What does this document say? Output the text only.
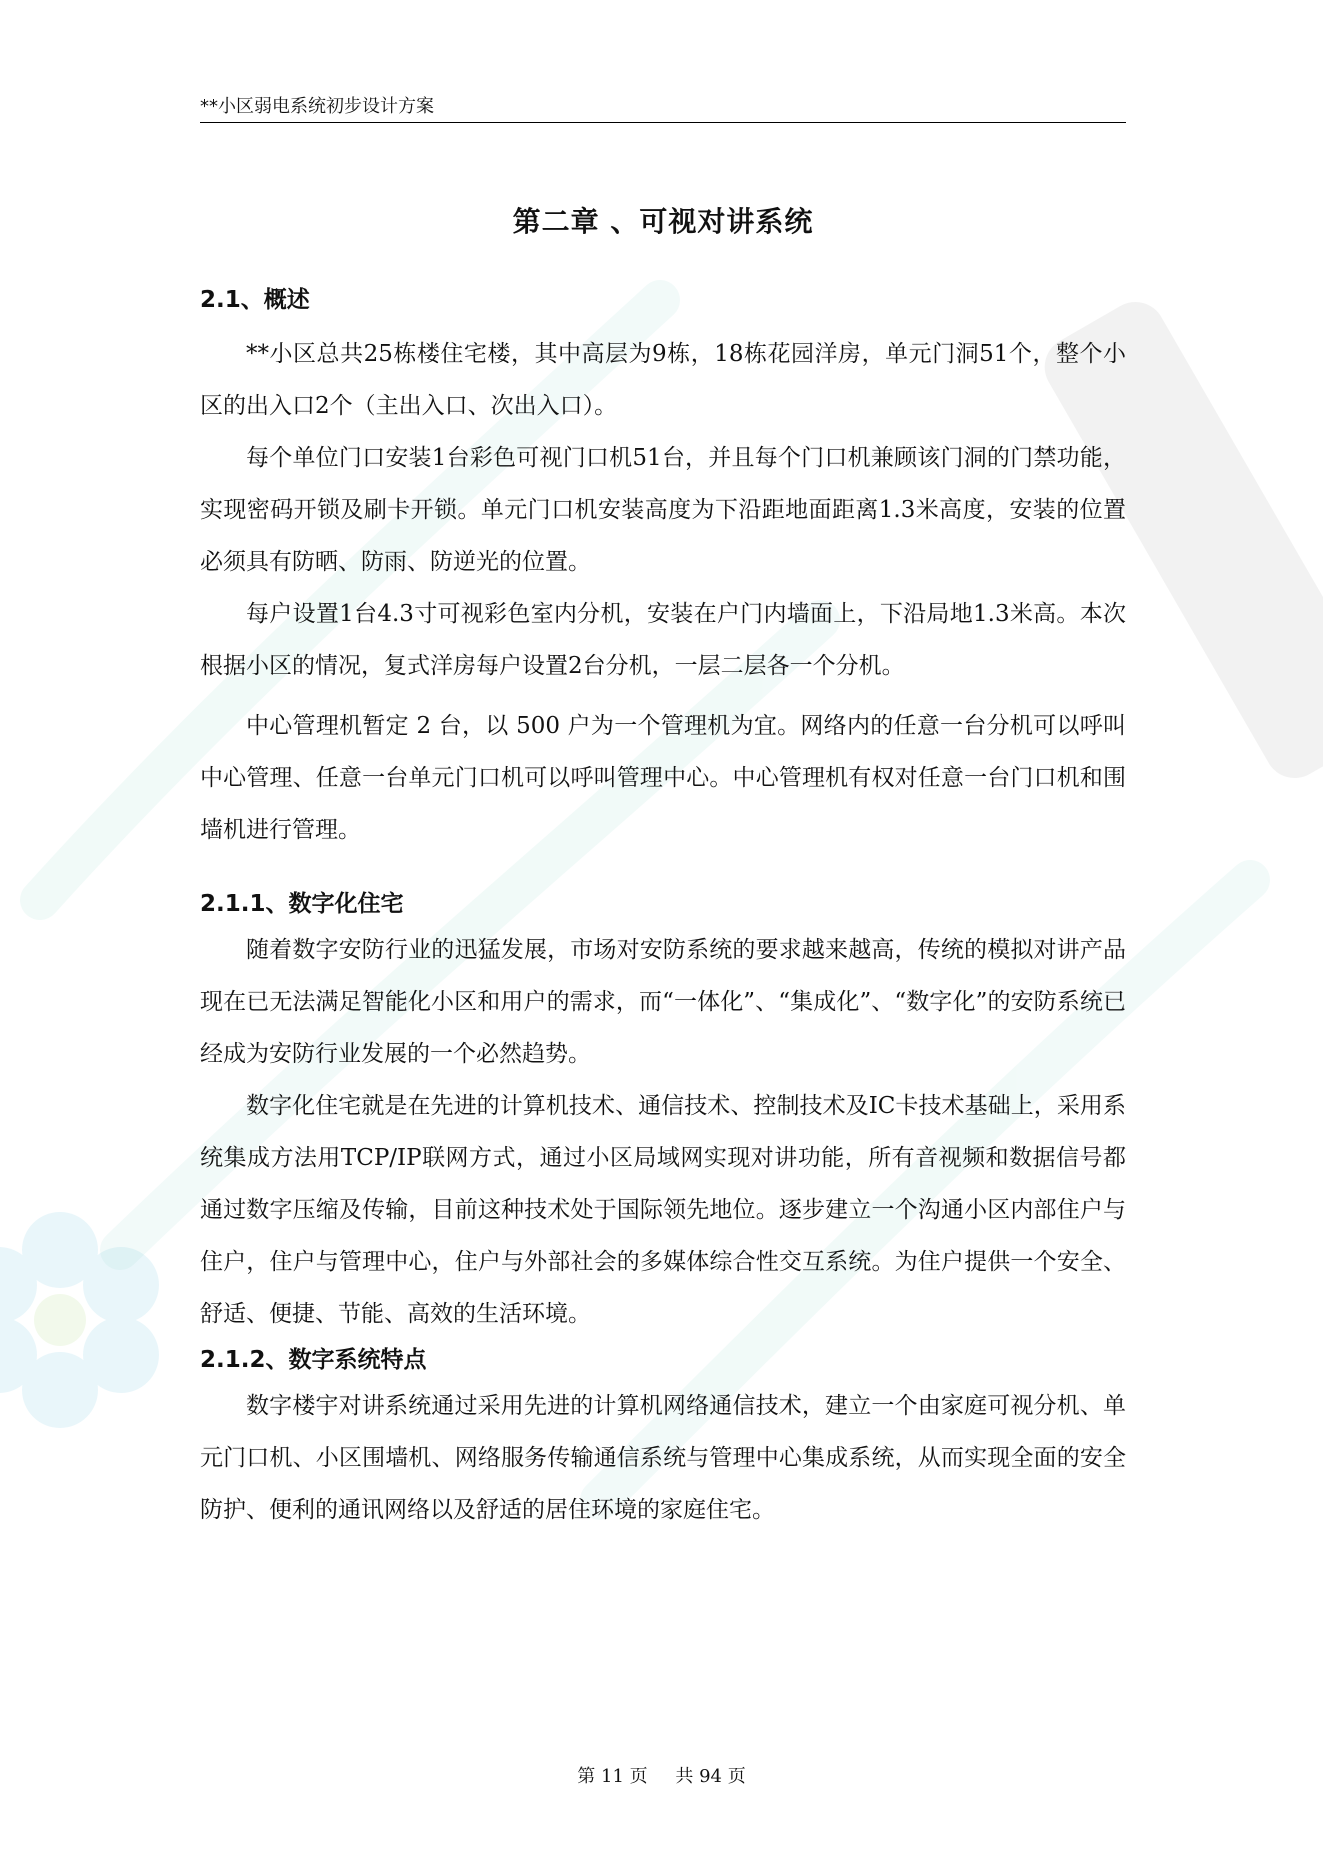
**小区弱电系统初步设计方案
第二章 、可视对讲系统
2.1、概述

**小区总共25栋楼住宅楼，其中高层为9栋，18栋花园洋房，单元门洞51个，整个小区的出入口2个（主出入口、次出入口）。

每个单位门口安装1台彩色可视门口机51台，并且每个门口机兼顾该门洞的门禁功能，实现密码开锁及刷卡开锁。单元门口机安装高度为下沿距地面距离1.3米高度，安装的位置必须具有防晒、防雨、防逆光的位置。

每户设置1台4.3寸可视彩色室内分机，安装在户门内墙面上，下沿局地1.3米高。本次根据小区的情况，复式洋房每户设置2台分机，一层二层各一个分机。

中心管理机暂定 2 台，以 500 户为一个管理机为宜。网络内的任意一台分机可以呼叫中心管理、任意一台单元门口机可以呼叫管理中心。中心管理机有权对任意一台门口机和围墙机进行管理。

2.1.1、数字化住宅

随着数字安防行业的迅猛发展，市场对安防系统的要求越来越高，传统的模拟对讲产品现在已无法满足智能化小区和用户的需求，而“一体化”、“集成化”、“数字化”的安防系统已经成为安防行业发展的一个必然趋势。

数字化住宅就是在先进的计算机技术、通信技术、控制技术及IC卡技术基础上，采用系统集成方法用TCP/IP联网方式，通过小区局域网实现对讲功能，所有音视频和数据信号都通过数字压缩及传输，目前这种技术处于国际领先地位。逐步建立一个沟通小区内部住户与住户，住户与管理中心，住户与外部社会的多媒体综合性交互系统。为住户提供一个安全、舒适、便捷、节能、高效的生活环境。

2.1.2、数字系统特点

数字楼宇对讲系统通过采用先进的计算机网络通信技术，建立一个由家庭可视分机、单元门口机、小区围墙机、网络服务传输通信系统与管理中心集成系统，从而实现全面的安全防护、便利的通讯网络以及舒适的居住环境的家庭住宅。

第 11 页 共 94 页
